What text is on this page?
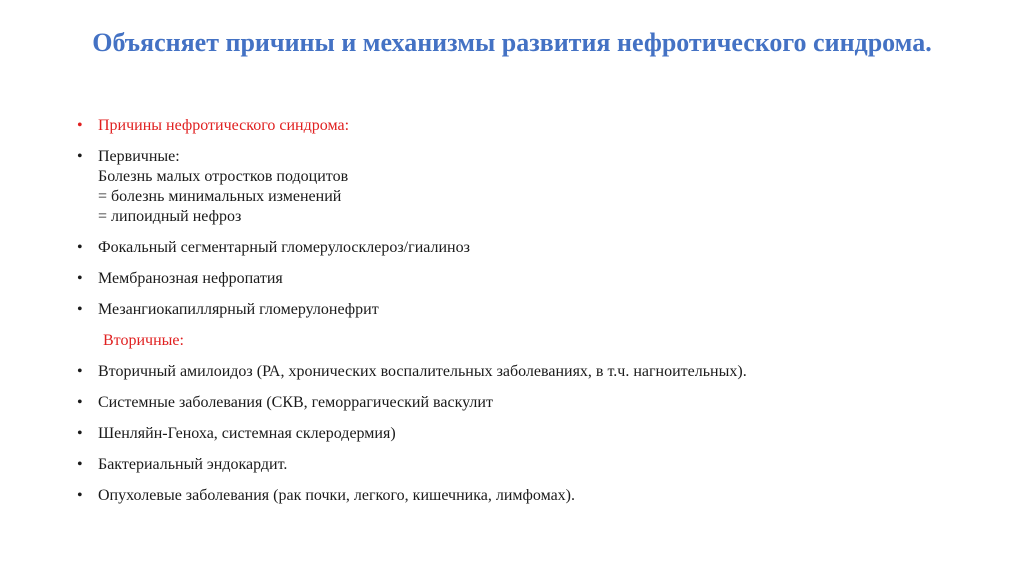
Объясняет причины и механизмы развития нефротического синдрома.
• Причины нефротического синдрома:
• Первичные:
Болезнь малых отростков подоцитов
= болезнь минимальных изменений
= липоидный нефроз
• Фокальный сегментарный гломерулосклероз/гиалиноз
• Мембранозная нефропатия
• Мезангиокапиллярный гломерулонефрит
Вторичные:
• Вторичный амилоидоз (РА, хронических воспалительных заболеваниях, в т.ч. нагноительных).
• Системные заболевания (СКВ, геморрагический васкулит
• Шенляйн-Геноха, системная склеродермия)
• Бактериальный эндокардит.
• Опухолевые заболевания (рак почки, легкого, кишечника, лимфомах).
